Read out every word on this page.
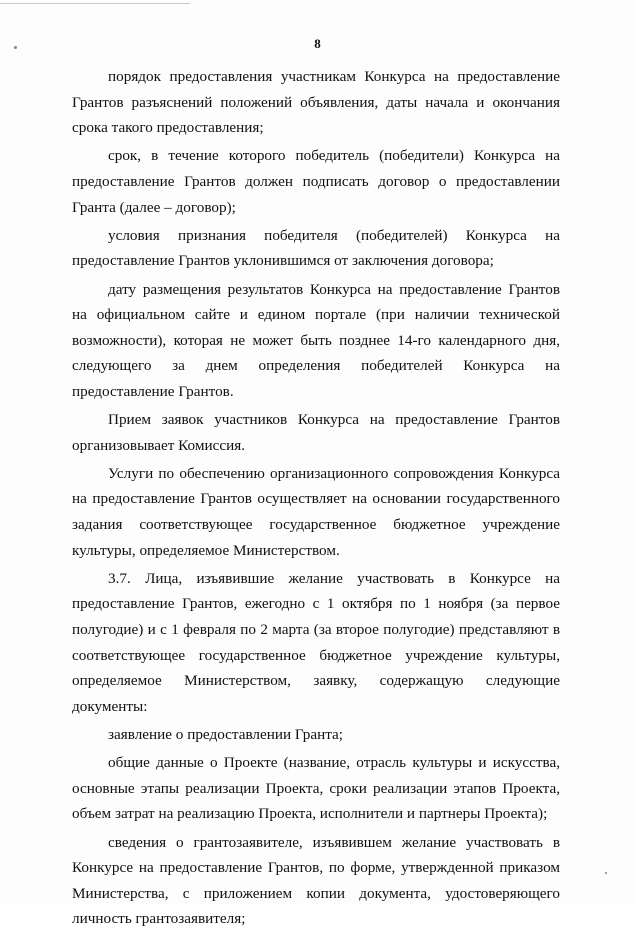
8

порядок предоставления участникам Конкурса на предоставление Грантов разъяснений положений объявления, даты начала и окончания срока такого предоставления;

срок, в течение которого победитель (победители) Конкурса на предоставление Грантов должен подписать договор о предоставлении Гранта (далее – договор);

условия признания победителя (победителей) Конкурса на предоставление Грантов уклонившимся от заключения договора;

дату размещения результатов Конкурса на предоставление Грантов на официальном сайте и едином портале (при наличии технической возможности), которая не может быть позднее 14-го календарного дня, следующего за днем определения победителей Конкурса на предоставление Грантов.

Прием заявок участников Конкурса на предоставление Грантов организовывает Комиссия.

Услуги по обеспечению организационного сопровождения Конкурса на предоставление Грантов осуществляет на основании государственного задания соответствующее государственное бюджетное учреждение культуры, определяемое Министерством.

3.7. Лица, изъявившие желание участвовать в Конкурсе на предоставление Грантов, ежегодно с 1 октября по 1 ноября (за первое полугодие) и с 1 февраля по 2 марта (за второе полугодие) представляют в соответствующее государственное бюджетное учреждение культуры, определяемое Министерством, заявку, содержащую следующие документы:

заявление о предоставлении Гранта;

общие данные о Проекте (название, отрасль культуры и искусства, основные этапы реализации Проекта, сроки реализации этапов Проекта, объем затрат на реализацию Проекта, исполнители и партнеры Проекта);

сведения о грантозаявителе, изъявившем желание участвовать в Конкурсе на предоставление Грантов, по форме, утвержденной приказом Министерства, с приложением копии документа, удостоверяющего личность грантозаявителя;
